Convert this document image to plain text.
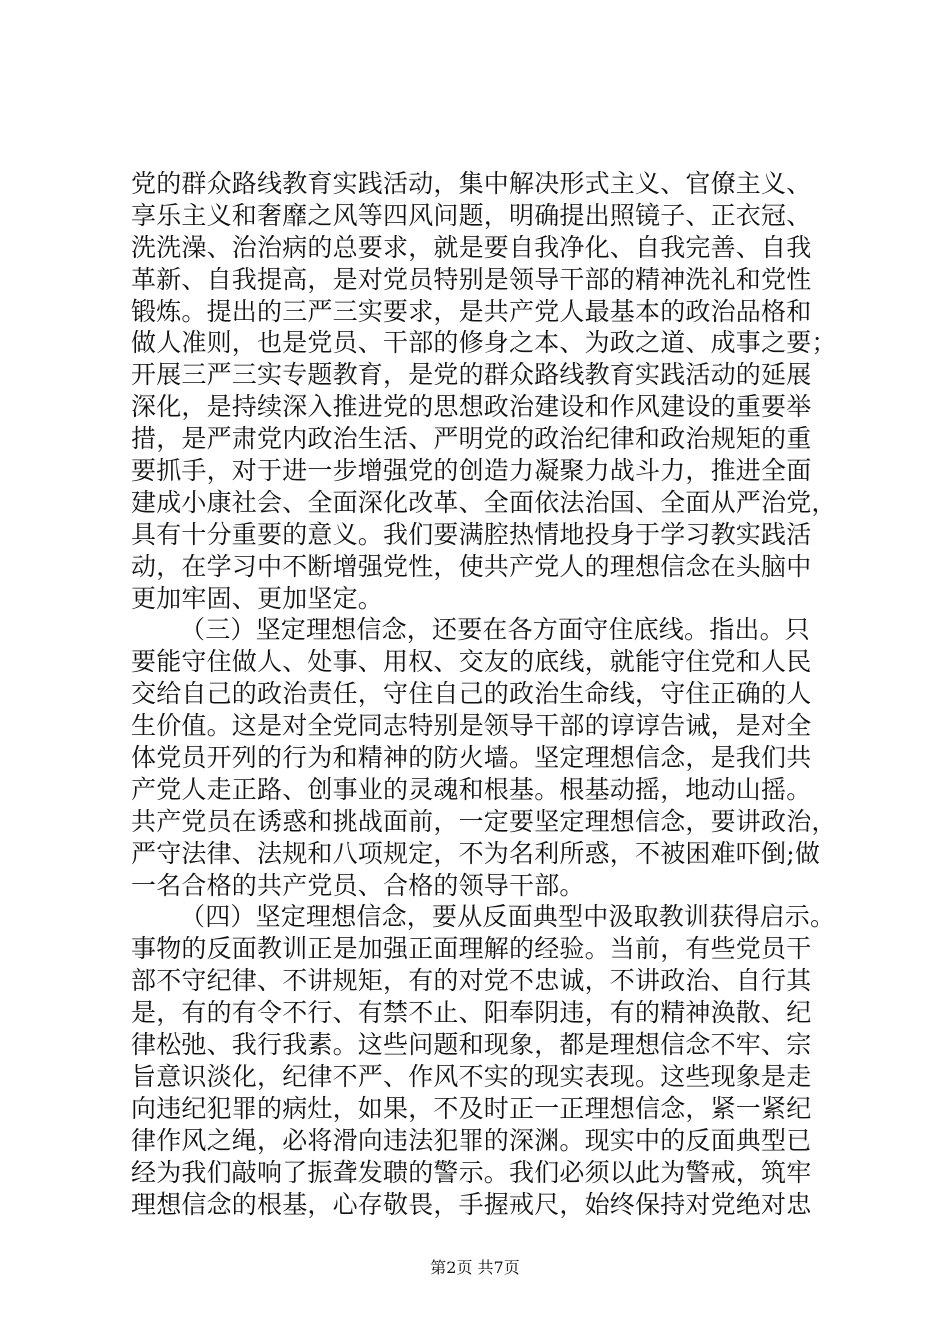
党的群众路线教育实践活动，集中解决形式主义、官僚主义、
享乐主义和奢靡之风等四风问题，明确提出照镜子、正衣冠、
洗洗澡、治治病的总要求，就是要自我净化、自我完善、自我
革新、自我提高，是对党员特别是领导干部的精神洗礼和党性
锻炼。提出的三严三实要求，是共产党人最基本的政治品格和
做人准则，也是党员、干部的修身之本、为政之道、成事之要；
开展三严三实专题教育，是党的群众路线教育实践活动的延展
深化，是持续深入推进党的思想政治建设和作风建设的重要举
措，是严肃党内政治生活、严明党的政治纪律和政治规矩的重
要抓手，对于进一步增强党的创造力凝聚力战斗力，推进全面
建成小康社会、全面深化改革、全面依法治国、全面从严治党，
具有十分重要的意义。我们要满腔热情地投身于学习教实践活
动，在学习中不断增强党性，使共产党人的理想信念在头脑中
更加牢固、更加坚定。
（三）坚定理想信念，还要在各方面守住底线。指出。只
要能守住做人、处事、用权、交友的底线，就能守住党和人民
交给自己的政治责任，守住自己的政治生命线，守住正确的人
生价值。这是对全党同志特别是领导干部的谆谆告诫，是对全
体党员开列的行为和精神的防火墙。坚定理想信念，是我们共
产党人走正路、创事业的灵魂和根基。根基动摇，地动山摇。
共产党员在诱惑和挑战面前，一定要坚定理想信念，要讲政治，
严守法律、法规和八项规定，不为名利所惑，不被困难吓倒;做
一名合格的共产党员、合格的领导干部。
（四）坚定理想信念，要从反面典型中汲取教训获得启示。
事物的反面教训正是加强正面理解的经验。当前，有些党员干
部不守纪律、不讲规矩，有的对党不忠诚，不讲政治、自行其
是，有的有令不行、有禁不止、阳奉阴违，有的精神涣散、纪
律松弛、我行我素。这些问题和现象，都是理想信念不牢、宗
旨意识淡化，纪律不严、作风不实的现实表现。这些现象是走
向违纪犯罪的病灶，如果，不及时正一正理想信念，紧一紧纪
律作风之绳，必将滑向违法犯罪的深渊。现实中的反面典型已
经为我们敲响了振聋发聩的警示。我们必须以此为警戒，筑牢
理想信念的根基，心存敬畏，手握戒尺，始终保持对党绝对忠
第2页 共7页
